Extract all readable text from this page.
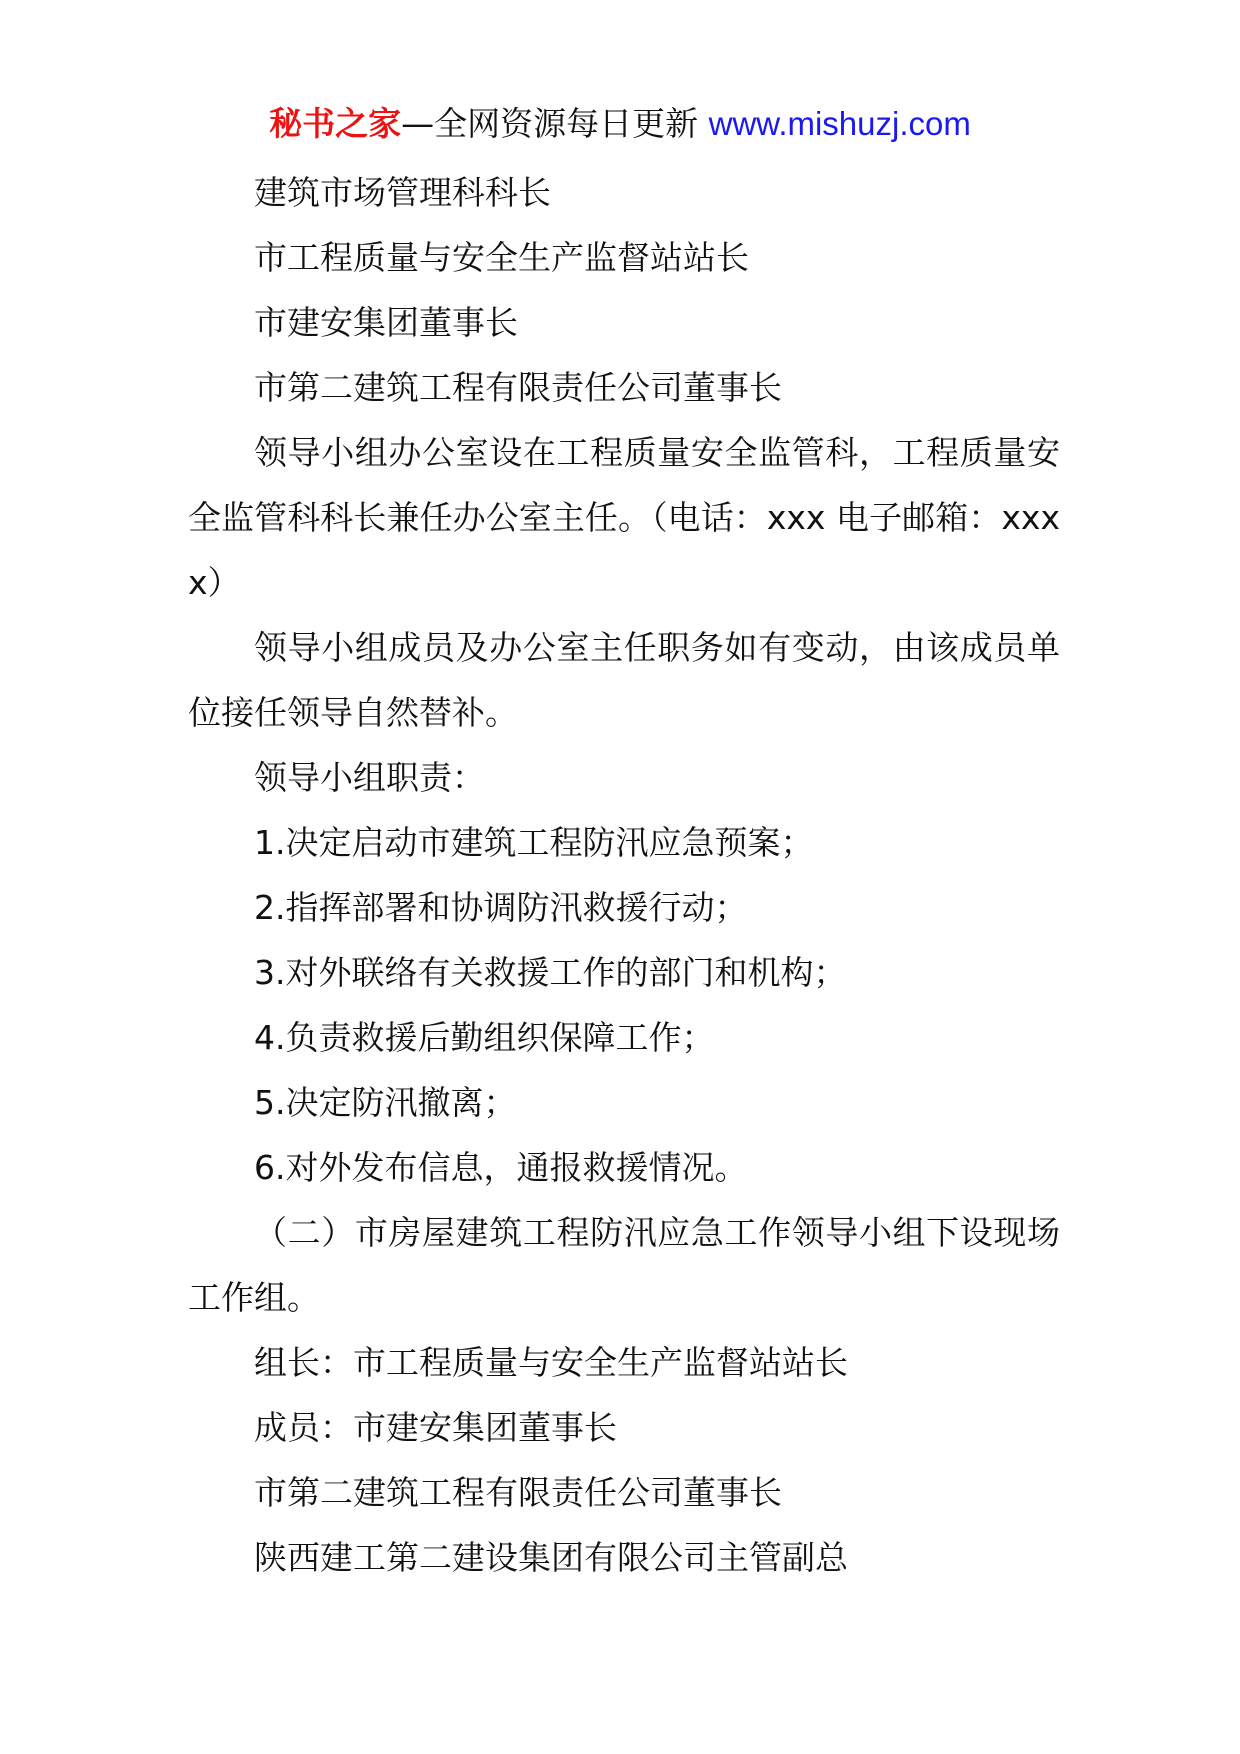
秘书之家—全网资源每日更新 www.mishuzj.com

建筑市场管理科科长

市工程质量与安全生产监督站站长

市建安集团董事长

市第二建筑工程有限责任公司董事长

领导小组办公室设在工程质量安全监管科，工程质量安全监管科科长兼任办公室主任。（电话：xxx 电子邮箱：xxxx）

领导小组成员及办公室主任职务如有变动，由该成员单位接任领导自然替补。

领导小组职责：

1.决定启动市建筑工程防汛应急预案；

2.指挥部署和协调防汛救援行动；

3.对外联络有关救援工作的部门和机构；

4.负责救援后勤组织保障工作；

5.决定防汛撤离；

6.对外发布信息，通报救援情况。

（二）市房屋建筑工程防汛应急工作领导小组下设现场工作组。

组长：市工程质量与安全生产监督站站长

成员：市建安集团董事长

市第二建筑工程有限责任公司董事长

陕西建工第二建设集团有限公司主管副总
